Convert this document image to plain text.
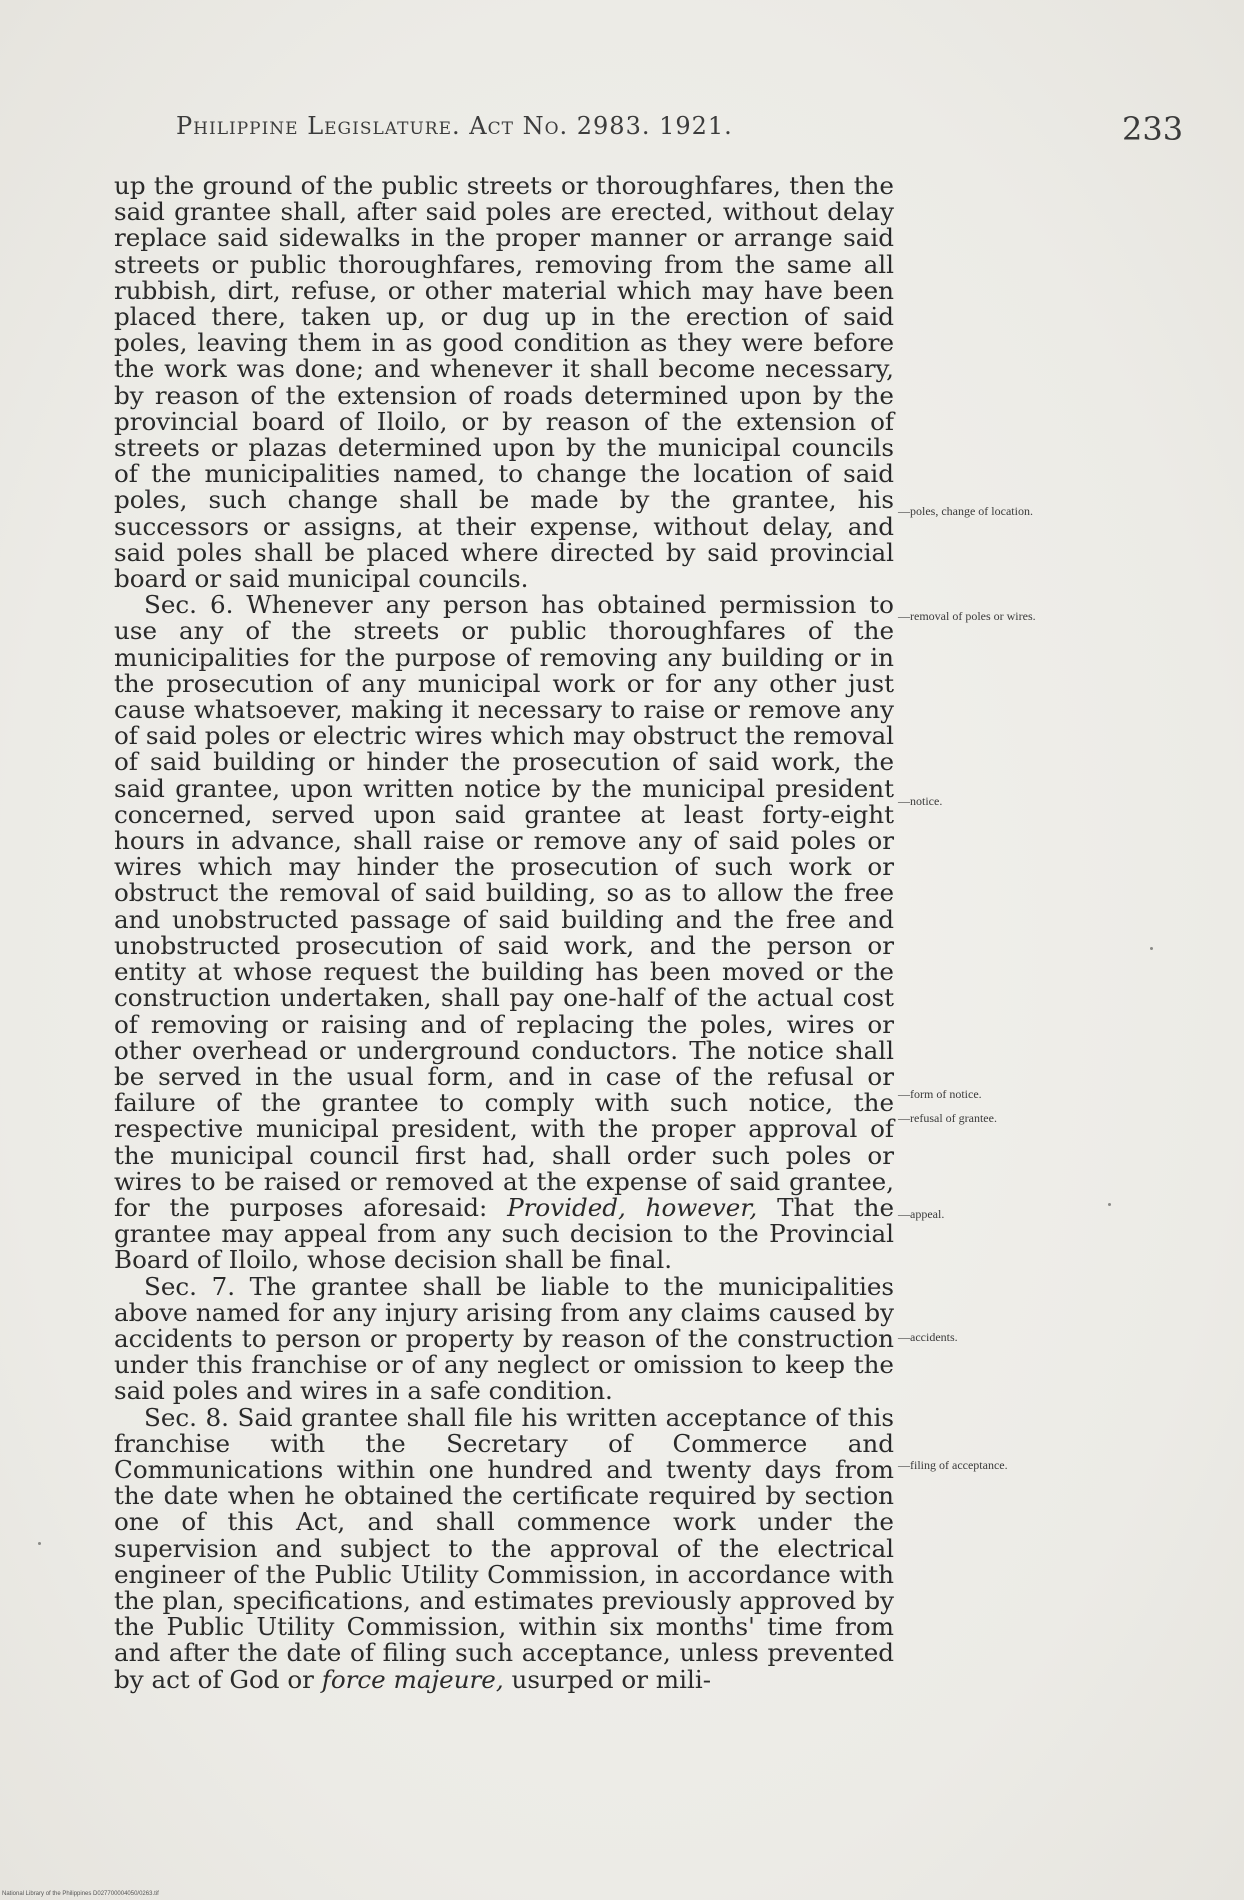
Philippine Legislature. Act No. 2983. 1921.	233

up the ground of the public streets or thoroughfares, then the said grantee shall, after said poles are erected, without delay replace said sidewalks in the proper manner or arrange said streets or public thoroughfares, removing from the same all rubbish, dirt, refuse, or other material which may have been placed there, taken up, or dug up in the erection of said poles, leaving them in as good condition as they were before the work was done; and whenever it shall become necessary, by reason of the extension of roads determined upon by the provincial board of Iloilo, or by reason of the extension of streets or plazas determined upon by the municipal councils of the municipalities named, to change the location of said poles, such change shall be made by the grantee, his successors or assigns, at their expense, without delay, and said poles shall be placed where directed by said provincial board or said municipal councils.

Sec. 6. Whenever any person has obtained permission to use any of the streets or public thoroughfares of the municipalities for the purpose of removing any building or in the prosecution of any municipal work or for any other just cause whatsoever, making it necessary to raise or remove any of said poles or electric wires which may obstruct the removal of said building or hinder the prosecution of said work, the said grantee, upon written notice by the municipal president concerned, served upon said grantee at least forty-eight hours in advance, shall raise or remove any of said poles or wires which may hinder the prosecution of such work or obstruct the removal of said building, so as to allow the free and unobstructed passage of said building and the free and unobstructed prosecution of said work, and the person or entity at whose request the building has been moved or the construction undertaken, shall pay one-half of the actual cost of removing or raising and of replacing the poles, wires or other overhead or underground conductors. The notice shall be served in the usual form, and in case of the refusal or failure of the grantee to comply with such notice, the respective municipal president, with the proper approval of the municipal council first had, shall order such poles or wires to be raised or removed at the expense of said grantee, for the purposes aforesaid: Provided, however, That the grantee may appeal from any such decision to the Provincial Board of Iloilo, whose decision shall be final.

Sec. 7. The grantee shall be liable to the municipalities above named for any injury arising from any claims caused by accidents to person or property by reason of the construction under this franchise or of any neglect or omission to keep the said poles and wires in a safe condition.

Sec. 8. Said grantee shall file his written acceptance of this franchise with the Secretary of Commerce and Communications within one hundred and twenty days from the date when he obtained the certificate required by section one of this Act, and shall commence work under the supervision and subject to the approval of the electrical engineer of the Public Utility Commission, in accordance with the plan, specifications, and estimates previously approved by the Public Utility Commission, within six months' time from and after the date of filing such acceptance, unless prevented by act of God or force majeure, usurped or mili-

—poles, change of location.
—removal of poles or wires.
—notice.
—form of notice.
—refusal of grantee.
—appeal.
—accidents.
—filing of acceptance.
National Library of the Philippines D027700004050/0263.tif
